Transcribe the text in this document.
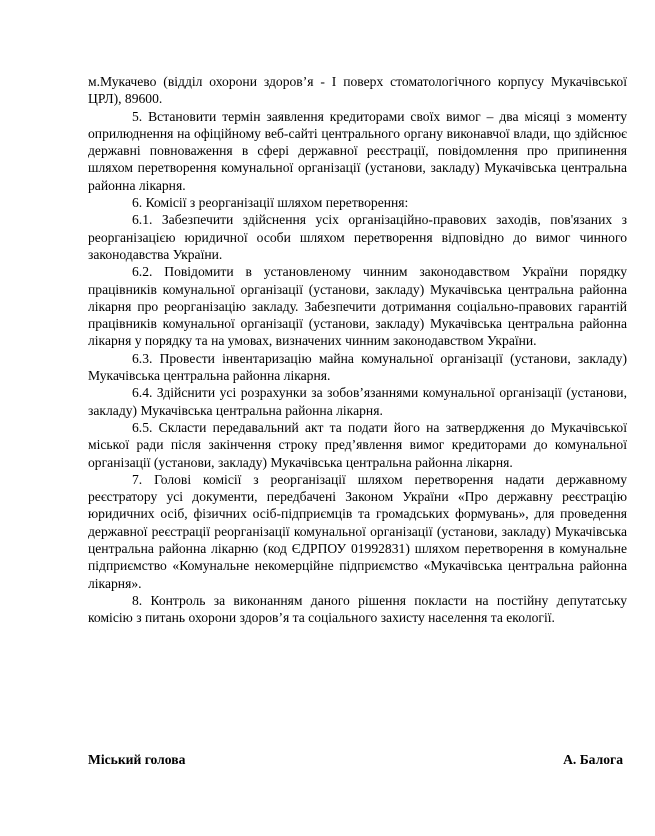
м.Мукачево (відділ охорони здоров’я - І поверх стоматологічного корпусу Мукачівської ЦРЛ), 89600.

5. Встановити термін заявлення кредиторами своїх вимог – два місяці з моменту оприлюднення на офіційному веб-сайті центрального органу виконавчої влади, що здійснює державні повноваження в сфері державної реєстрації, повідомлення про припинення шляхом перетворення комунальної організації (установи, закладу) Мукачівська центральна районна лікарня.

6. Комісії з реорганізації шляхом перетворення:

6.1. Забезпечити здійснення усіх організаційно-правових заходів, пов'язаних з реорганізацією юридичної особи шляхом перетворення відповідно до вимог чинного законодавства України.

6.2. Повідомити в установленому чинним законодавством України порядку працівників комунальної організації (установи, закладу) Мукачівська центральна районна лікарня про реорганізацію закладу. Забезпечити дотримання соціально-правових гарантій працівників комунальної організації (установи, закладу) Мукачівська центральна районна лікарня у порядку та на умовах, визначених чинним законодавством України.

6.3. Провести інвентаризацію майна комунальної організації (установи, закладу) Мукачівська центральна районна лікарня.

6.4. Здійснити усі розрахунки за зобов’язаннями комунальної організації (установи, закладу) Мукачівська центральна районна лікарня.

6.5. Скласти передавальний акт та подати його на затвердження до Мукачівської міської ради після закінчення строку пред’явлення вимог кредиторами до комунальної організації (установи, закладу) Мукачівська центральна районна лікарня.

7. Голові комісії з реорганізації шляхом перетворення надати державному реєстратору усі документи, передбачені Законом України «Про державну реєстрацію юридичних осіб, фізичних осіб-підприємців та громадських формувань», для проведення державної реєстрації реорганізації комунальної організації (установи, закладу) Мукачівська центральна районна лікарню (код ЄДРПОУ 01992831) шляхом перетворення в комунальне підприємство «Комунальне некомерційне підприємство «Мукачівська центральна районна лікарня».

8. Контроль за виконанням даного рішення покласти на постійну депутатську комісію з питань охорони здоров’я та соціального захисту населення та екології.

Міський голова	А. Балога
